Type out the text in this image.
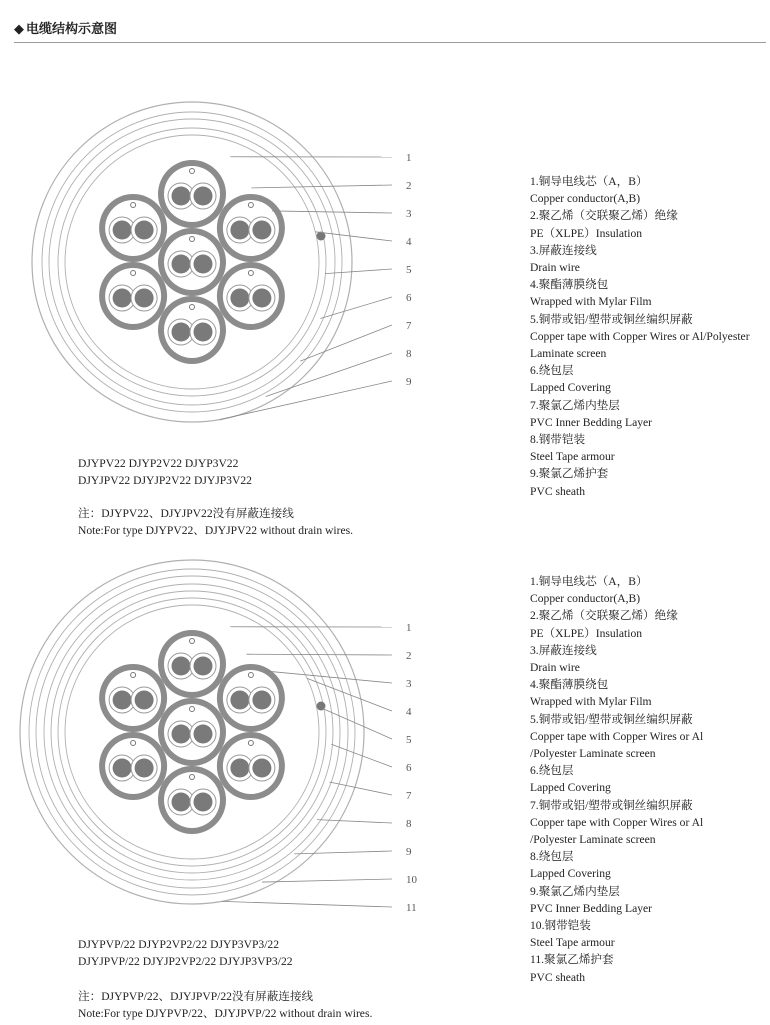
◆ 电缆结构示意图
1
2
3
4
5
6
7
8
9
1.铜导电线芯（A，B）
Copper conductor(A,B)
2.聚乙烯（交联聚乙烯）绝缘
PE（XLPE）Insulation
3.屏蔽连接线
Drain wire
4.聚酯薄膜绕包
Wrapped with Mylar Film
5.铜带或铝/塑带或铜丝编织屏蔽
Copper tape with Copper Wires or Al/Polyester
Laminate screen
6.绕包层
Lapped Covering
7.聚氯乙烯内垫层
PVC Inner Bedding Layer
8.钢带铠装
Steel Tape armour
9.聚氯乙烯护套
PVC sheath
DJYPV22 DJYP2V22 DJYP3V22
DJYJPV22 DJYJP2V22 DJYJP3V22
注：DJYPV22、DJYJPV22没有屏蔽连接线
Note:For type DJYPV22、DJYJPV22 without drain wires.
1
2
3
4
5
6
7
8
9
10
11
1.铜导电线芯（A，B）
Copper conductor(A,B)
2.聚乙烯（交联聚乙烯）绝缘
PE（XLPE）Insulation
3.屏蔽连接线
Drain wire
4.聚酯薄膜绕包
Wrapped with Mylar Film
5.铜带或铝/塑带或铜丝编织屏蔽
Copper tape with Copper Wires or Al
/Polyester Laminate screen
6.绕包层
Lapped Covering
7.铜带或铝/塑带或铜丝编织屏蔽
Copper tape with Copper Wires or Al
/Polyester Laminate screen
8.绕包层
Lapped Covering
9.聚氯乙烯内垫层
PVC Inner Bedding Layer
10.钢带铠装
Steel Tape armour
11.聚氯乙烯护套
PVC sheath
DJYPVP/22 DJYP2VP2/22 DJYP3VP3/22
DJYJPVP/22 DJYJP2VP2/22 DJYJP3VP3/22
注：DJYPVP/22、DJYJPVP/22没有屏蔽连接线
Note:For type DJYPVP/22、DJYJPVP/22 without drain wires.
